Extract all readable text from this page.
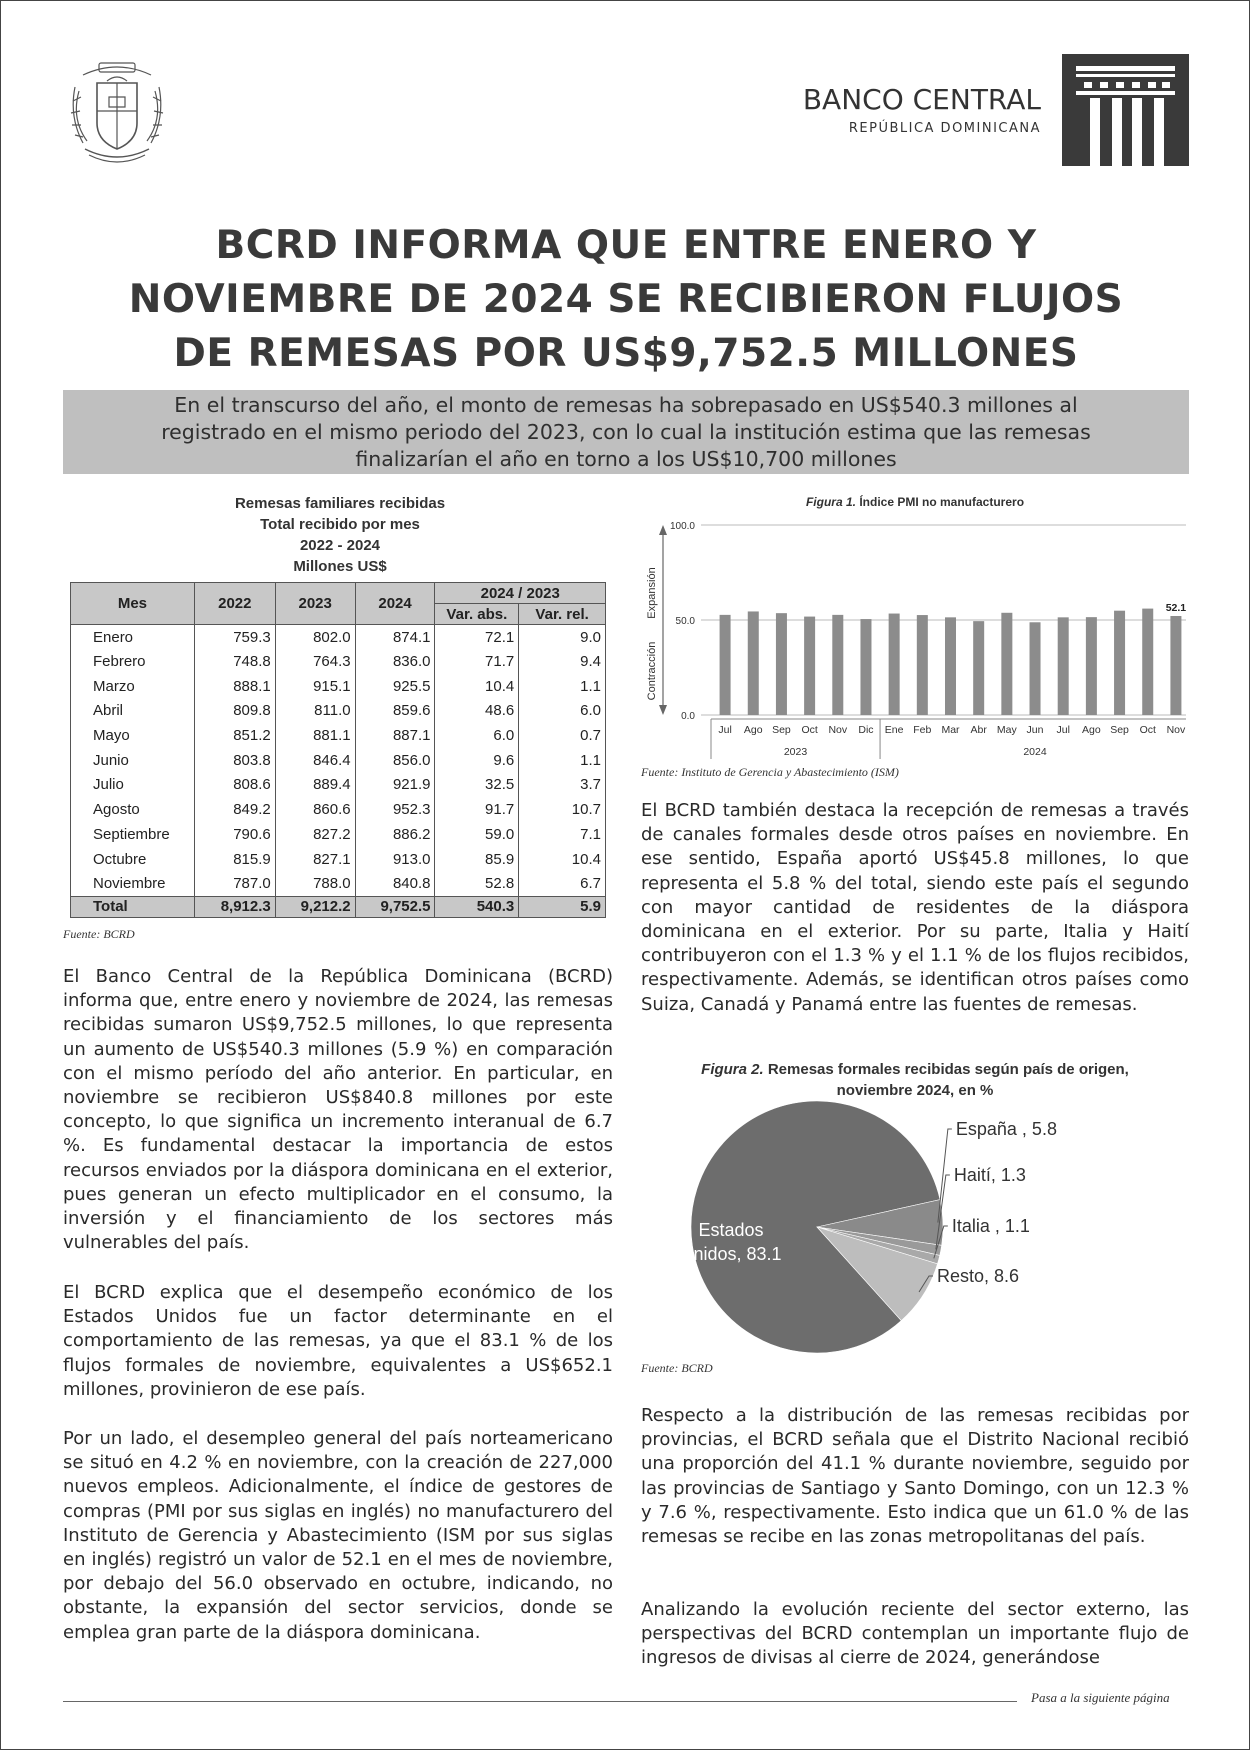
BANCO CENTRAL
REPÚBLICA DOMINICANA
BCRD INFORMA QUE ENTRE ENERO Y
NOVIEMBRE DE 2024 SE RECIBIERON FLUJOS
DE REMESAS POR US$9,752.5 MILLONES
En el transcurso del año, el monto de remesas ha sobrepasado en US$540.3 millones al
registrado en el mismo periodo del 2023, con lo cual la institución estima que las remesas
finalizarían el año en torno a los US$10,700 millones
Remesas familiares recibidas
Total recibido por mes
2022 - 2024
Millones US$
Mes	2022	2023	2024	2024 / 2023	
				Var. abs.	Var. rel.
Enero	759.3	802.0	874.1	72.1	9.0
Febrero	748.8	764.3	836.0	71.7	9.4
Marzo	888.1	915.1	925.5	10.4	1.1
Abril	809.8	811.0	859.6	48.6	6.0
Mayo	851.2	881.1	887.1	6.0	0.7
Junio	803.8	846.4	856.0	9.6	1.1
Julio	808.6	889.4	921.9	32.5	3.7
Agosto	849.2	860.6	952.3	91.7	10.7
Septiembre	790.6	827.2	886.2	59.0	7.1
Octubre	815.9	827.1	913.0	85.9	10.4
Noviembre	787.0	788.0	840.8	52.8	6.7
Total	8,912.3	9,212.2	9,752.5	540.3	5.9
Fuente: BCRD
El Banco Central de la República Dominicana (BCRD) informa que, entre enero y noviembre de 2024, las remesas recibidas sumaron US$9,752.5 millones, lo que representa un aumento de US$540.3 millones (5.9 %) en comparación con el mismo período del año anterior. En particular, en noviembre se recibieron US$840.8 millones por este concepto, lo que significa un incremento interanual de 6.7 %. Es fundamental destacar la importancia de estos recursos enviados por la diáspora dominicana en el exterior, pues generan un efecto multiplicador en el consumo, la inversión y el financiamiento de los sectores más vulnerables del país.
El BCRD explica que el desempeño económico de los Estados Unidos fue un factor determinante en el comportamiento de las remesas, ya que el 83.1 % de los flujos formales de noviembre, equivalentes a US$652.1 millones, provinieron de ese país.
Por un lado, el desempleo general del país norteamericano se situó en 4.2 % en noviembre, con la creación de 227,000 nuevos empleos. Adicionalmente, el índice de gestores de compras (PMI por sus siglas en inglés) no manufacturero del Instituto de Gerencia y Abastecimiento (ISM por sus siglas en inglés) registró un valor de 52.1 en el mes de noviembre, por debajo del 56.0 observado en octubre, indicando, no obstante, la expansión del sector servicios, donde se emplea gran parte de la diáspora dominicana.
Figura 1. Índice PMI no manufacturero
0.0
50.0
100.0
Expansión
Contracción
Jul Ago Sep Oct Nov Dic Ene Feb Mar Abr May Jun Jul Ago Sep Oct Nov
52.1
2023	2024
Fuente: Instituto de Gerencia y Abastecimiento (ISM)
El BCRD también destaca la recepción de remesas a través de canales formales desde otros países en noviembre. En ese sentido, España aportó US$45.8 millones, lo que representa el 5.8 % del total, siendo este país el segundo con mayor cantidad de residentes de la diáspora dominicana en el exterior. Por su parte, Italia y Haití contribuyeron con el 1.3 % y el 1.1 % de los flujos recibidos, respectivamente. Además, se identifican otros países como Suiza, Canadá y Panamá entre las fuentes de remesas.
Figura 2. Remesas formales recibidas según país de origen,
noviembre 2024, en %
España , 5.8
Haití, 1.3
Italia , 1.1
Resto, 8.6
Estados
Unidos, 83.1
Fuente: BCRD
Respecto a la distribución de las remesas recibidas por provincias, el BCRD señala que el Distrito Nacional recibió una proporción del 41.1 % durante noviembre, seguido por las provincias de Santiago y Santo Domingo, con un 12.3 % y 7.6 %, respectivamente. Esto indica que un 61.0 % de las remesas se recibe en las zonas metropolitanas del país.
Analizando la evolución reciente del sector externo, las perspectivas del BCRD contemplan un importante flujo de ingresos de divisas al cierre de 2024, generándose
Pasa a la siguiente página
